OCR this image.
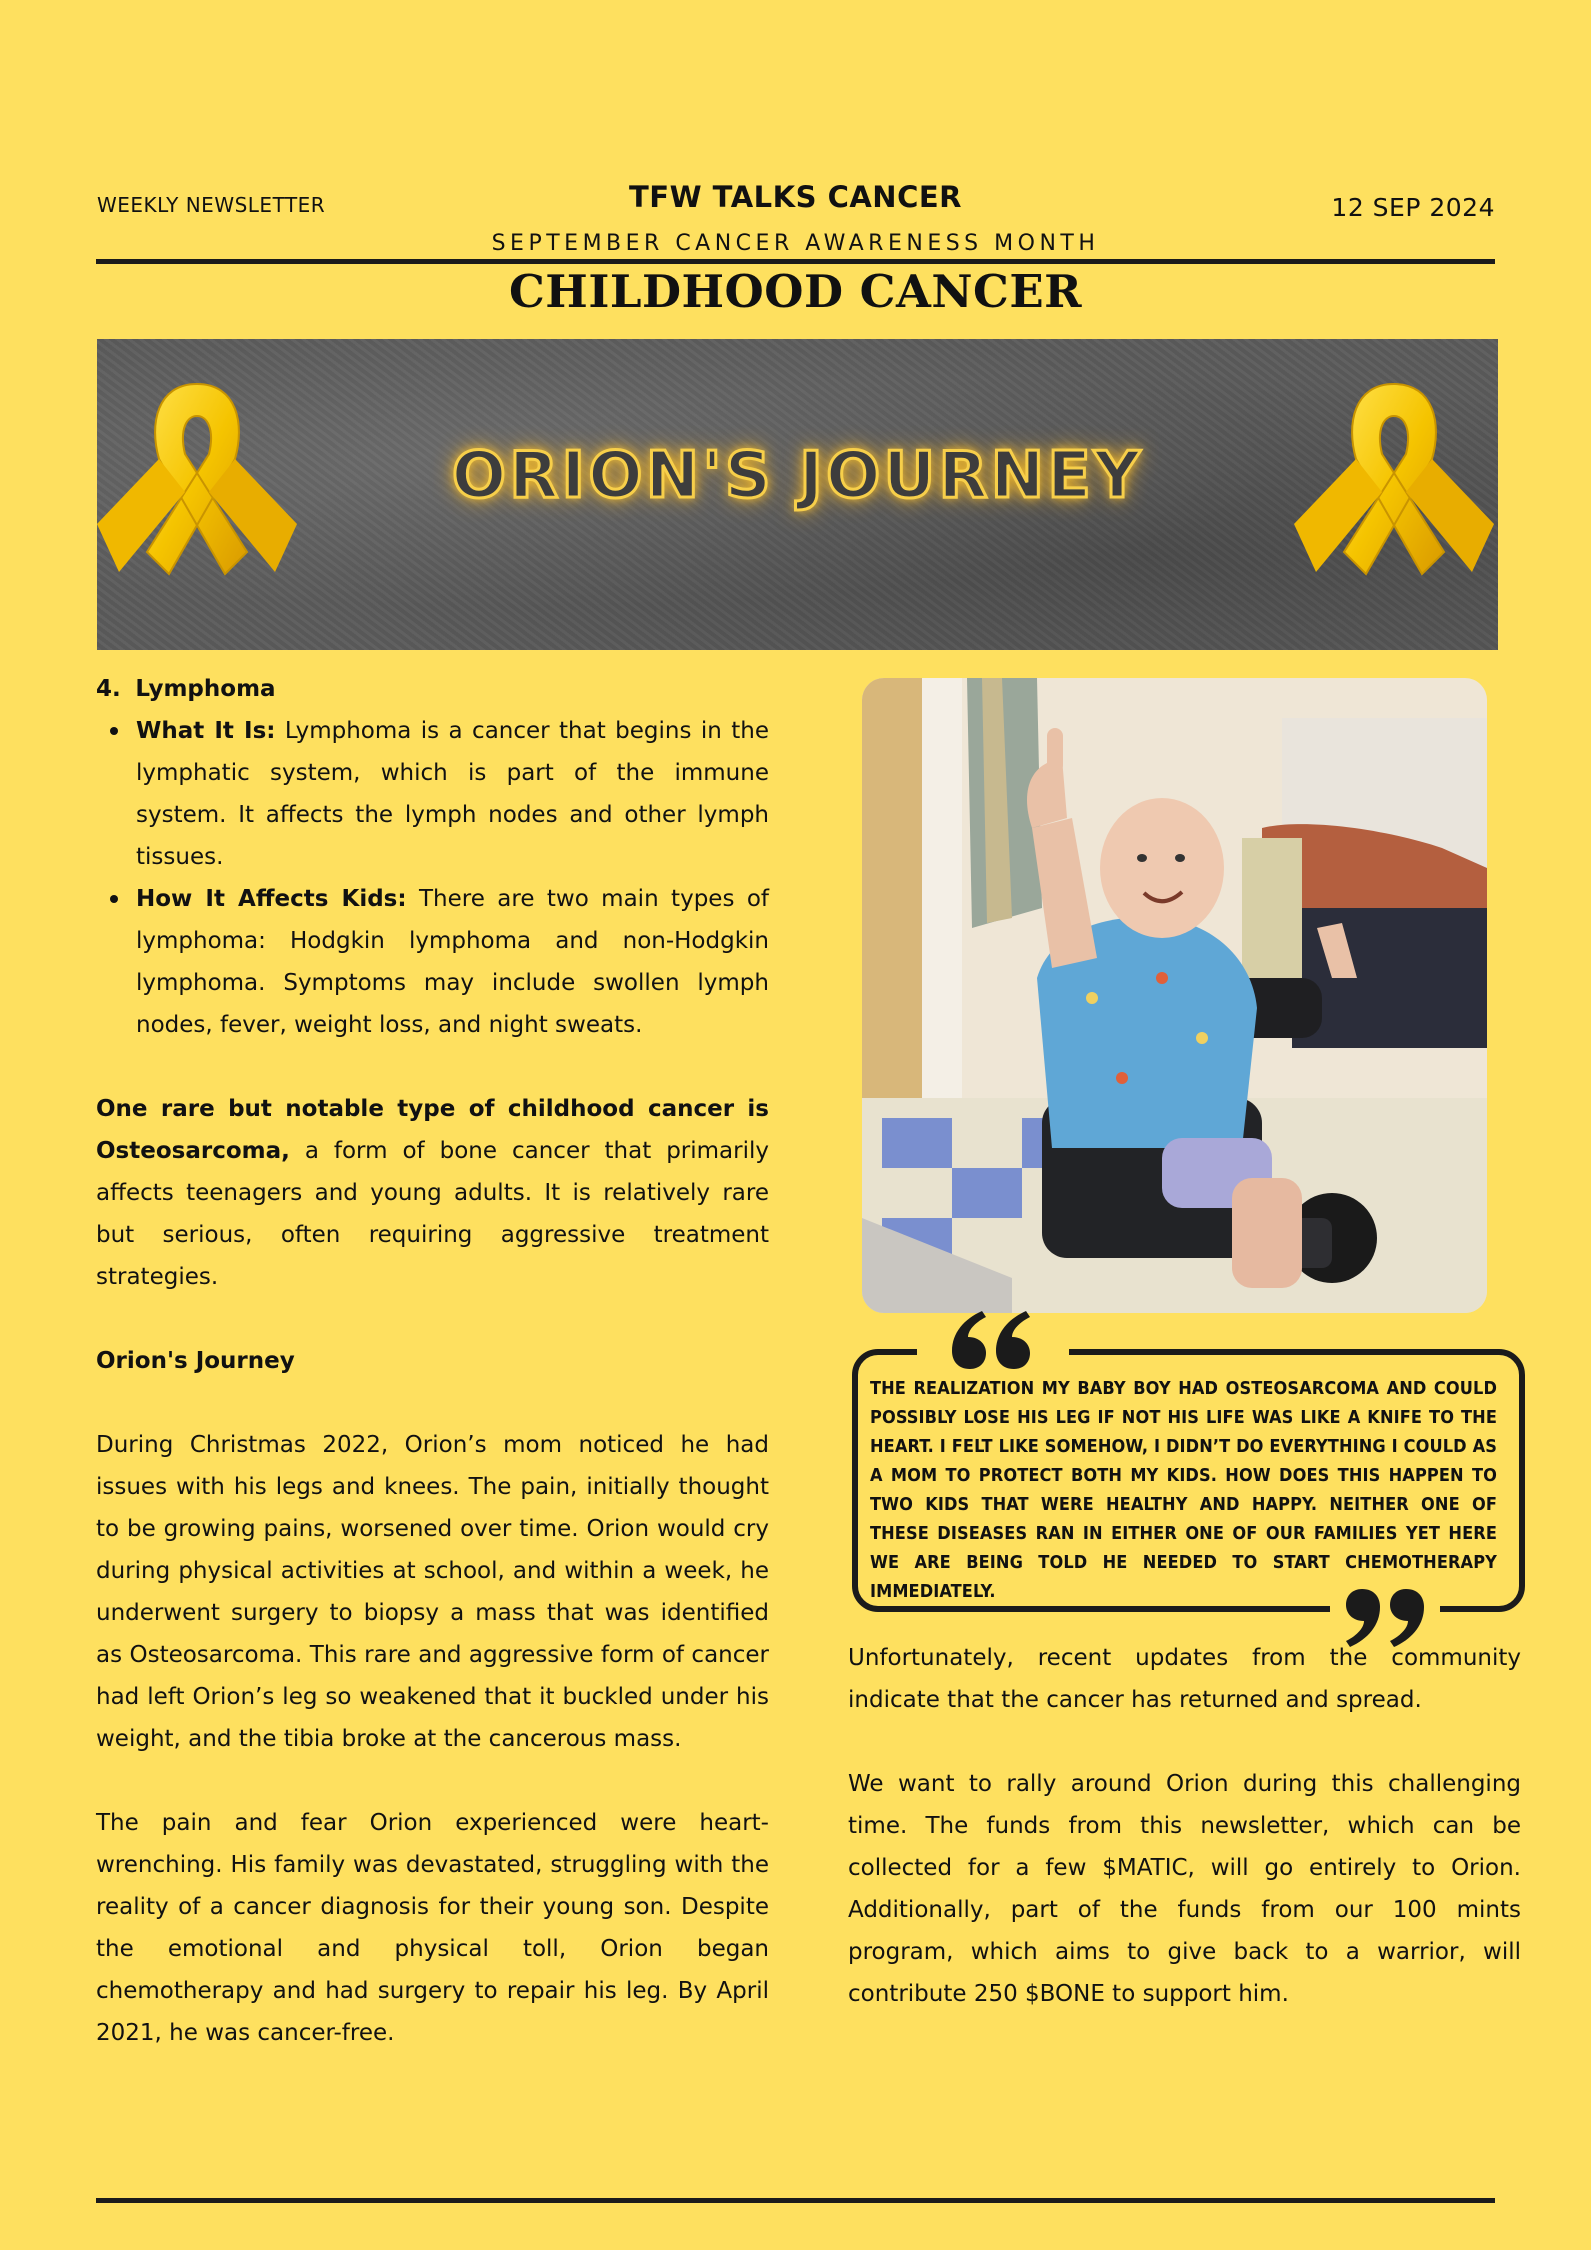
WEEKLY NEWSLETTER	TFW TALKS CANCER	12 SEP 2024
SEPTEMBER CANCER AWARENESS MONTH
CHILDHOOD CANCER
ORION'S JOURNEY

4. Lymphoma

What It Is: Lymphoma is a cancer that begins in the lymphatic system, which is part of the immune system. It affects the lymph nodes and other lymph tissues.
How It Affects Kids: There are two main types of lymphoma: Hodgkin lymphoma and non-Hodgkin lymphoma. Symptoms may include swollen lymph nodes, fever, weight loss, and night sweats.

One rare but notable type of childhood cancer is Osteosarcoma, a form of bone cancer that primarily affects teenagers and young adults. It is relatively rare but serious, often requiring aggressive treatment strategies.

Orion's Journey

During Christmas 2022, Orion’s mom noticed he had issues with his legs and knees. The pain, initially thought to be growing pains, worsened over time. Orion would cry during physical activities at school, and within a week, he underwent surgery to biopsy a mass that was identified as Osteosarcoma. This rare and aggressive form of cancer had left Orion’s leg so weakened that it buckled under his weight, and the tibia broke at the cancerous mass.

The pain and fear Orion experienced were heart-wrenching. His family was devastated, struggling with the reality of a cancer diagnosis for their young son. Despite the emotional and physical toll, Orion began chemotherapy and had surgery to repair his leg. By April 2021, he was cancer-free.

THE REALIZATION MY BABY BOY HAD OSTEOSARCOMA AND COULD POSSIBLY LOSE HIS LEG IF NOT HIS LIFE WAS LIKE A KNIFE TO THE HEART. I FELT LIKE SOMEHOW, I DIDN’T DO EVERYTHING I COULD AS A MOM TO PROTECT BOTH MY KIDS. HOW DOES THIS HAPPEN TO TWO KIDS THAT WERE HEALTHY AND HAPPY. NEITHER ONE OF THESE DISEASES RAN IN EITHER ONE OF OUR FAMILIES YET HERE WE ARE BEING TOLD HE NEEDED TO START CHEMOTHERAPY IMMEDIATELY.

Unfortunately, recent updates from the community indicate that the cancer has returned and spread.

We want to rally around Orion during this challenging time. The funds from this newsletter, which can be collected for a few $MATIC, will go entirely to Orion. Additionally, part of the funds from our 100 mints program, which aims to give back to a warrior, will contribute 250 $BONE to support him.
